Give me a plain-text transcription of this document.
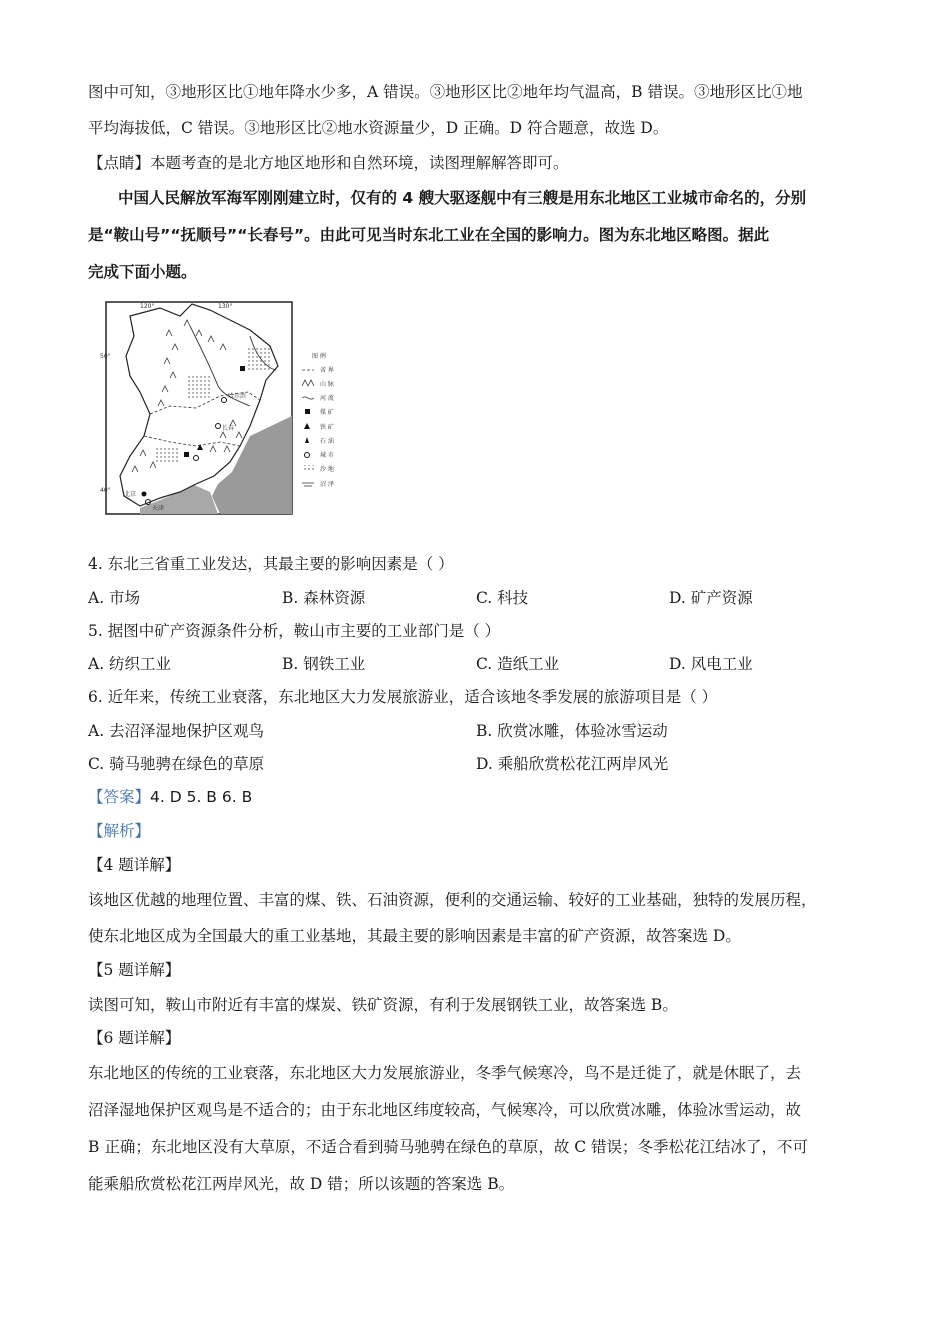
图中可知，③地形区比①地年降水少多，A 错误。③地形区比②地年均气温高，B 错误。③地形区比①地
平均海拔低，C 错误。③地形区比②地水资源量少，D 正确。D 符合题意，故选 D。
【点睛】本题考查的是北方地区地形和自然环境，读图理解解答即可。
中国人民解放军海军刚刚建立时，仅有的 4 艘大驱逐舰中有三艘是用东北地区工业城市命名的，分别
是“鞍山号”“抚顺号”“长春号”。由此可见当时东北工业在全国的影响力。图为东北地区略图。据此
完成下面小题。
120°	130°
50°
40°
哈尔滨
长春
北京
天津
图 例
省 界
山 脉
河 流
煤 矿
铁 矿
石 油
城 市
沙 地
沼 泽
4. 东北三省重工业发达，其最主要的影响因素是（ ）
A. 市场	B. 森林资源	C. 科技	D. 矿产资源
5. 据图中矿产资源条件分析，鞍山市主要的工业部门是（ ）
A. 纺织工业	B. 钢铁工业	C. 造纸工业	D. 风电工业
6. 近年来，传统工业衰落，东北地区大力发展旅游业，适合该地冬季发展的旅游项目是（ ）
A. 去沼泽湿地保护区观鸟	B. 欣赏冰雕，体验冰雪运动
C. 骑马驰骋在绿色的草原	D. 乘船欣赏松花江两岸风光
【答案】4. D 5. B 6. B
【解析】
【4 题详解】
该地区优越的地理位置、丰富的煤、铁、石油资源，便利的交通运输、较好的工业基础，独特的发展历程，
使东北地区成为全国最大的重工业基地，其最主要的影响因素是丰富的矿产资源，故答案选 D。
【5 题详解】
读图可知，鞍山市附近有丰富的煤炭、铁矿资源，有利于发展钢铁工业，故答案选 B。
【6 题详解】
东北地区的传统的工业衰落，东北地区大力发展旅游业，冬季气候寒冷，鸟不是迁徙了，就是休眠了，去
沼泽湿地保护区观鸟是不适合的；由于东北地区纬度较高，气候寒冷，可以欣赏冰雕，体验冰雪运动，故
B 正确；东北地区没有大草原，不适合看到骑马驰骋在绿色的草原，故 C 错误；冬季松花江结冰了，不可
能乘船欣赏松花江两岸风光，故 D 错；所以该题的答案选 B。
